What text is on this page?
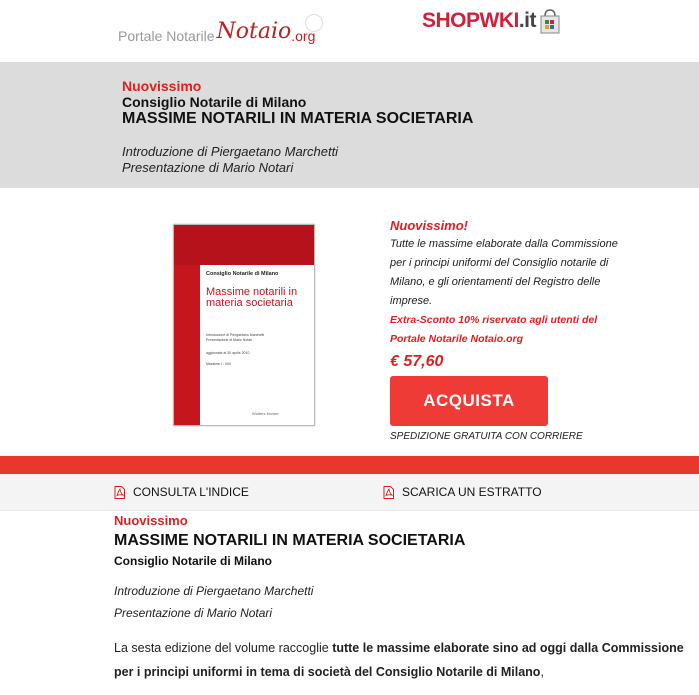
Portale Notarile Notaio .org
SHOPWKI.it
Nuovissimo
Consiglio Notarile di Milano
MASSIME NOTARILI IN MATERIA SOCIETARIA
Introduzione di Piergaetano Marchetti
Presentazione di Mario Notari
Consiglio Notarile di Milano
Massime notarili in materia societaria
Introduzione di Piergaetano Marchetti
Presentazione di Mario Notari
aggiornate al 30 aprile 2010
Massime I - 000
Wolters Kluwer
Nuovissimo!
Tutte le massime elaborate dalla Commissione per i principi uniformi del Consiglio notarile di Milano, e gli orientamenti del Registro delle imprese.
Extra-Sconto 10% riservato agli utenti del Portale Notarile Notaio.org
€ 57,60
ACQUISTA
SPEDIZIONE GRATUITA CON CORRIERE
CONSULTA L'INDICE	SCARICA UN ESTRATTO
Nuovissimo
MASSIME NOTARILI IN MATERIA SOCIETARIA
Consiglio Notarile di Milano
Introduzione di Piergaetano Marchetti
Presentazione di Mario Notari
La sesta edizione del volume raccoglie tutte le massime elaborate sino ad oggi dalla Commissione per i principi uniformi in tema di società del Consiglio Notarile di Milano,
